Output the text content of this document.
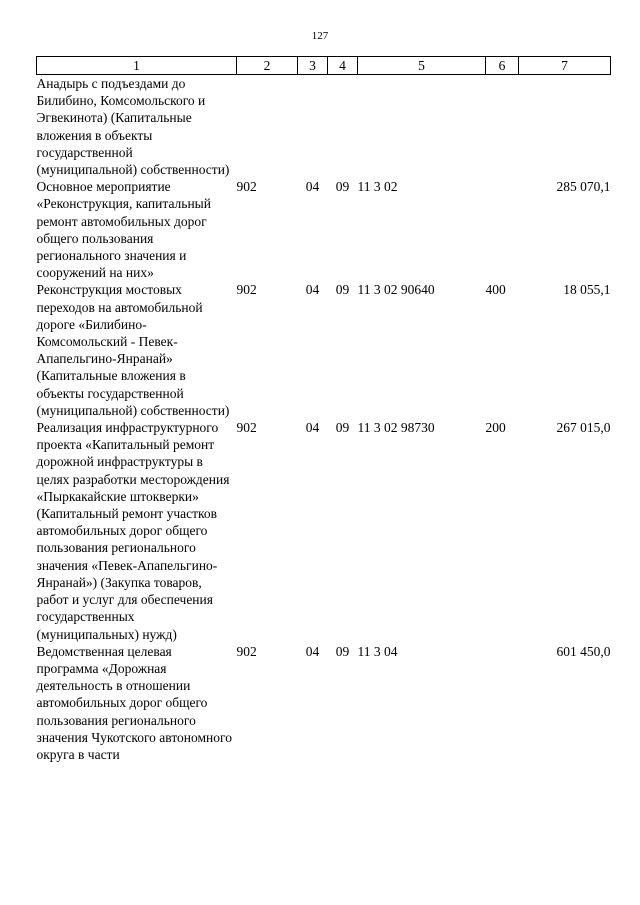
127
1	2	3	4	5	6	7
Анадырь с подъездами до Билибино, Комсомольского и Эгвекинота) (Капитальные вложения в объекты государственной (муниципальной) собственности)						
Основное мероприятие «Реконструкция, капитальный ремонт автомобильных дорог общего пользования регионального значения и сооружений на них»	902	04	09	11 3 02		285 070,1
Реконструкция мостовых переходов на автомобильной дороге «Билибино-Комсомольский - Певек-Апапельгино-Янранай» (Капитальные вложения в объекты государственной (муниципальной) собственности)	902	04	09	11 3 02 90640	400	18 055,1
Реализация инфраструктурного проекта «Капитальный ремонт дорожной инфраструктуры в целях разработки месторождения «Пыркакайские штокверки» (Капитальный ремонт участков автомобильных дорог общего пользования регионального значения «Певек-Апапельгино-Янранай») (Закупка товаров, работ и услуг для обеспечения государственных (муниципальных) нужд)	902	04	09	11 3 02 98730	200	267 015,0
Ведомственная целевая программа «Дорожная деятельность в отношении автомобильных дорог общего пользования регионального значения Чукотского автономного округа в части	902	04	09	11 3 04		601 450,0
